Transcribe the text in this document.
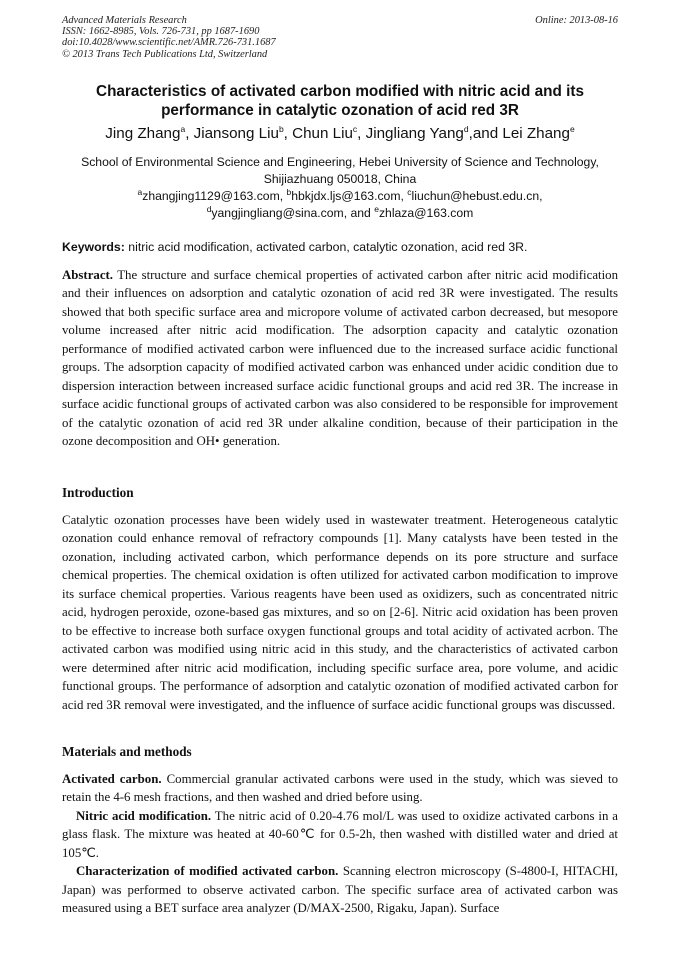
Advanced Materials Research
ISSN: 1662-8985, Vols. 726-731, pp 1687-1690
doi:10.4028/www.scientific.net/AMR.726-731.1687
© 2013 Trans Tech Publications Ltd, Switzerland
Online: 2013-08-16
Characteristics of activated carbon modified with nitric acid and its performance in catalytic ozonation of acid red 3R
Jing Zhang$^a$, Jiansong Liu$^b$, Chun Liu$^c$, Jingliang Yang$^d$,and Lei Zhang$^e$
School of Environmental Science and Engineering, Hebei University of Science and Technology,
Shijiazhuang 050018, China
$^a$zhangjing1129@163.com, $^b$hbkjdx.ljs@163.com, $^c$liuchun@hebust.edu.cn,
$^d$yangjingliang@sina.com, and $^e$zhlaza@163.com
Keywords: nitric acid modification, activated carbon, catalytic ozonation, acid red 3R.
Abstract. The structure and surface chemical properties of activated carbon after nitric acid modification and their influences on adsorption and catalytic ozonation of acid red 3R were investigated. The results showed that both specific surface area and micropore volume of activated carbon decreased, but mesopore volume increased after nitric acid modification. The adsorption capacity and catalytic ozonation performance of modified activated carbon were influenced due to the increased surface acidic functional groups. The adsorption capacity of modified activated carbon was enhanced under acidic condition due to dispersion interaction between increased surface acidic functional groups and acid red 3R. The increase in surface acidic functional groups of activated carbon was also considered to be responsible for improvement of the catalytic ozonation of acid red 3R under alkaline condition, because of their participation in the ozone decomposition and OH• generation.
Introduction
Catalytic ozonation processes have been widely used in wastewater treatment. Heterogeneous catalytic ozonation could enhance removal of refractory compounds [1]. Many catalysts have been tested in the ozonation, including activated carbon, which performance depends on its pore structure and surface chemical properties. The chemical oxidation is often utilized for activated carbon modification to improve its surface chemical properties. Various reagents have been used as oxidizers, such as concentrated nitric acid, hydrogen peroxide, ozone-based gas mixtures, and so on [2-6]. Nitric acid oxidation has been proven to be effective to increase both surface oxygen functional groups and total acidity of activated acrbon. The activated carbon was modified using nitric acid in this study, and the characteristics of activated carbon were determined after nitric acid modification, including specific surface area, pore volume, and acidic functional groups. The performance of adsorption and catalytic ozonation of modified activated carbon for acid red 3R removal were investigated, and the influence of surface acidic functional groups was discussed.
Materials and methods

Activated carbon. Commercial granular activated carbons were used in the study, which was sieved to retain the 4-6 mesh fractions, and then washed and dried before using.

Nitric acid modification. The nitric acid of 0.20-4.76 mol/L was used to oxidize activated carbons in a glass flask. The mixture was heated at 40-60℃ for 0.5-2h, then washed with distilled water and dried at 105℃.

Characterization of modified activated carbon. Scanning electron microscopy (S-4800-I, HITACHI, Japan) was performed to observe activated carbon. The specific surface area of activated carbon was measured using a BET surface area analyzer (D/MAX-2500, Rigaku, Japan). Surface
